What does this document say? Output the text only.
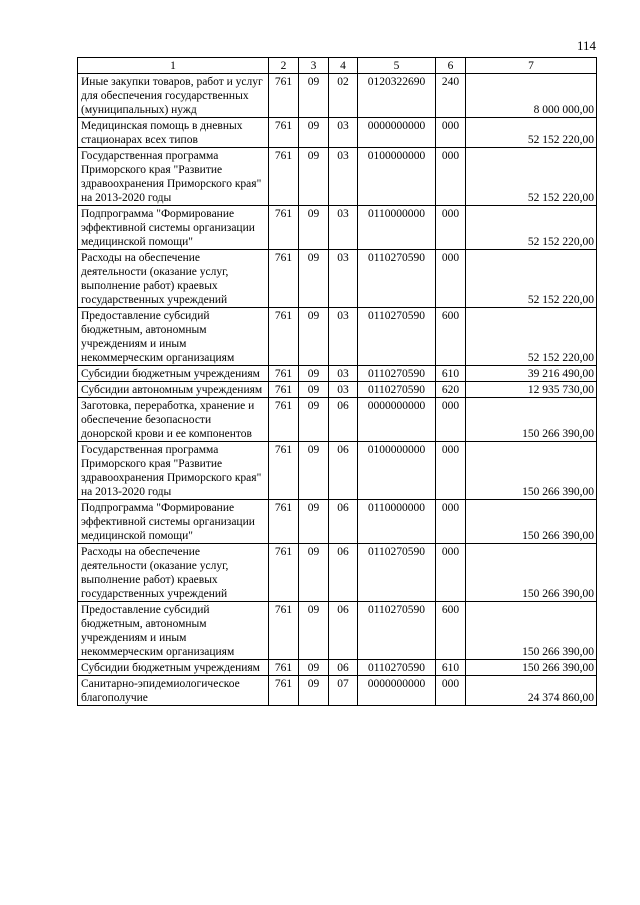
114
1	2	3	4	5	6	7
Иные закупки товаров, работ и услуг для обеспечения государственных (муниципальных) нужд	761	09	02	0120322690	240	8 000 000,00
Медицинская помощь в дневных стационарах всех типов	761	09	03	0000000000	000	52 152 220,00
Государственная программа Приморского края "Развитие здравоохранения Приморского края" на 2013-2020 годы	761	09	03	0100000000	000	52 152 220,00
Подпрограмма "Формирование эффективной системы организации медицинской помощи"	761	09	03	0110000000	000	52 152 220,00
Расходы на обеспечение деятельности (оказание услуг, выполнение работ) краевых государственных учреждений	761	09	03	0110270590	000	52 152 220,00
Предоставление субсидий бюджетным, автономным учреждениям и иным некоммерческим организациям	761	09	03	0110270590	600	52 152 220,00
Субсидии бюджетным учреждениям	761	09	03	0110270590	610	39 216 490,00
Субсидии автономным учреждениям	761	09	03	0110270590	620	12 935 730,00
Заготовка, переработка, хранение и обеспечение безопасности донорской крови и ее компонентов	761	09	06	0000000000	000	150 266 390,00
Государственная программа Приморского края "Развитие здравоохранения Приморского края" на 2013-2020 годы	761	09	06	0100000000	000	150 266 390,00
Подпрограмма "Формирование эффективной системы организации медицинской помощи"	761	09	06	0110000000	000	150 266 390,00
Расходы на обеспечение деятельности (оказание услуг, выполнение работ) краевых государственных учреждений	761	09	06	0110270590	000	150 266 390,00
Предоставление субсидий бюджетным, автономным учреждениям и иным некоммерческим организациям	761	09	06	0110270590	600	150 266 390,00
Субсидии бюджетным учреждениям	761	09	06	0110270590	610	150 266 390,00
Санитарно-эпидемиологическое благополучие	761	09	07	0000000000	000	24 374 860,00
